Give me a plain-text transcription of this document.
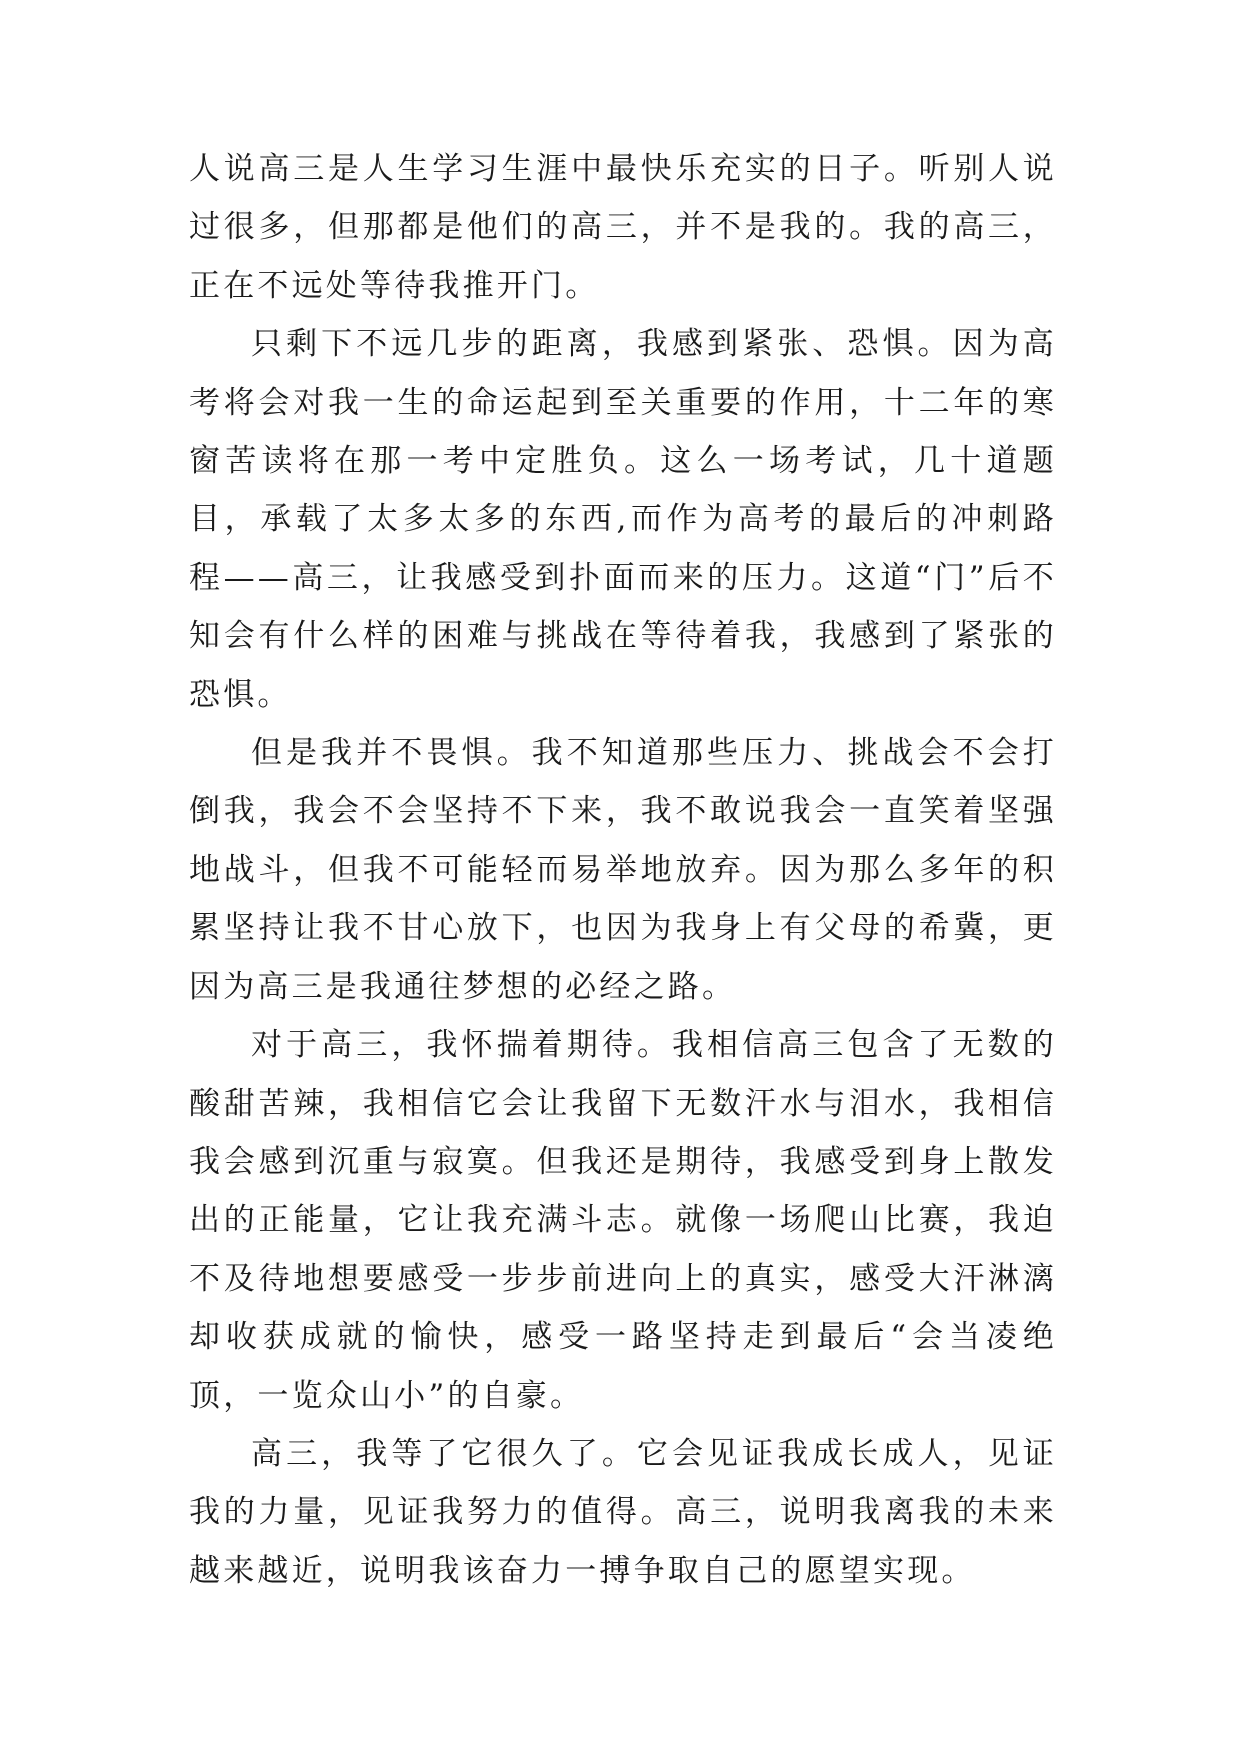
人说高三是人生学习生涯中最快乐充实的日子。听别人说过很多，但那都是他们的高三，并不是我的。我的高三，正在不远处等待我推开门。

只剩下不远几步的距离，我感到紧张、恐惧。因为高考将会对我一生的命运起到至关重要的作用，十二年的寒窗苦读将在那一考中定胜负。这么一场考试，几十道题目，承载了太多太多的东西,而作为高考的最后的冲刺路程——高三，让我感受到扑面而来的压力。这道“门”后不知会有什么样的困难与挑战在等待着我，我感到了紧张的恐惧。

但是我并不畏惧。我不知道那些压力、挑战会不会打倒我，我会不会坚持不下来，我不敢说我会一直笑着坚强地战斗，但我不可能轻而易举地放弃。因为那么多年的积累坚持让我不甘心放下，也因为我身上有父母的希冀，更因为高三是我通往梦想的必经之路。

对于高三，我怀揣着期待。我相信高三包含了无数的酸甜苦辣，我相信它会让我留下无数汗水与泪水，我相信我会感到沉重与寂寞。但我还是期待，我感受到身上散发出的正能量，它让我充满斗志。就像一场爬山比赛，我迫不及待地想要感受一步步前进向上的真实，感受大汗淋漓却收获成就的愉快，感受一路坚持走到最后“会当凌绝顶，一览众山小”的自豪。

高三，我等了它很久了。它会见证我成长成人，见证我的力量，见证我努力的值得。高三，说明我离我的未来越来越近，说明我该奋力一搏争取自己的愿望实现。
